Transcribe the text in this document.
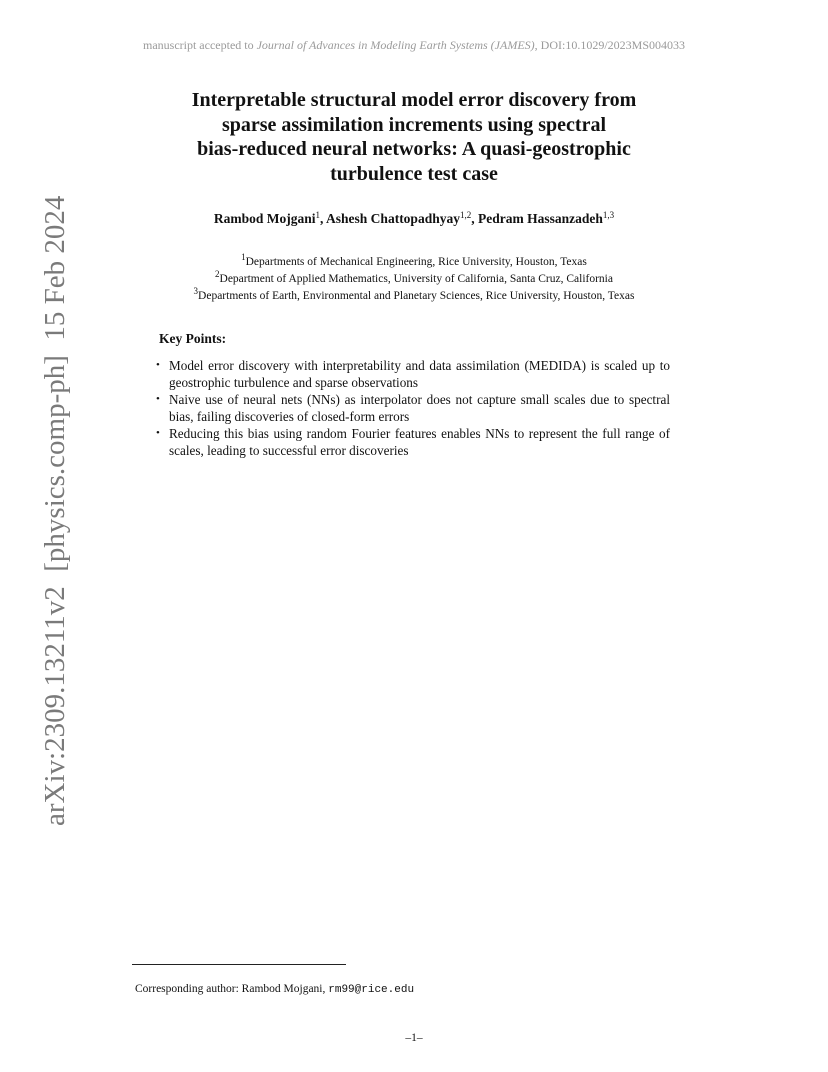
manuscript accepted to Journal of Advances in Modeling Earth Systems (JAMES), DOI:10.1029/2023MS004033
arXiv:2309.13211v2

[physics.comp-ph]

15 Feb 2024
Interpretable structural model error discovery from
sparse assimilation increments using spectral
bias-reduced neural networks: A quasi-geostrophic
turbulence test case
Rambod Mojgani$^1$, Ashesh Chattopadhyay$^{1,2}$, Pedram Hassanzadeh$^{1,3}$
$^1$Departments of Mechanical Engineering, Rice University, Houston, Texas
$^2$Department of Applied Mathematics, University of California, Santa Cruz, California
$^3$Departments of Earth, Environmental and Planetary Sciences, Rice University, Houston, Texas
Key Points:
• Model error discovery with interpretability and data assimilation (MEDIDA) is scaled up to geostrophic turbulence and sparse observations
• Naive use of neural nets (NNs) as interpolator does not capture small scales due to spectral bias, failing discoveries of closed-form errors
• Reducing this bias using random Fourier features enables NNs to represent the full range of scales, leading to successful error discoveries
Corresponding author: Rambod Mojgani, rm99@rice.edu
–1–
